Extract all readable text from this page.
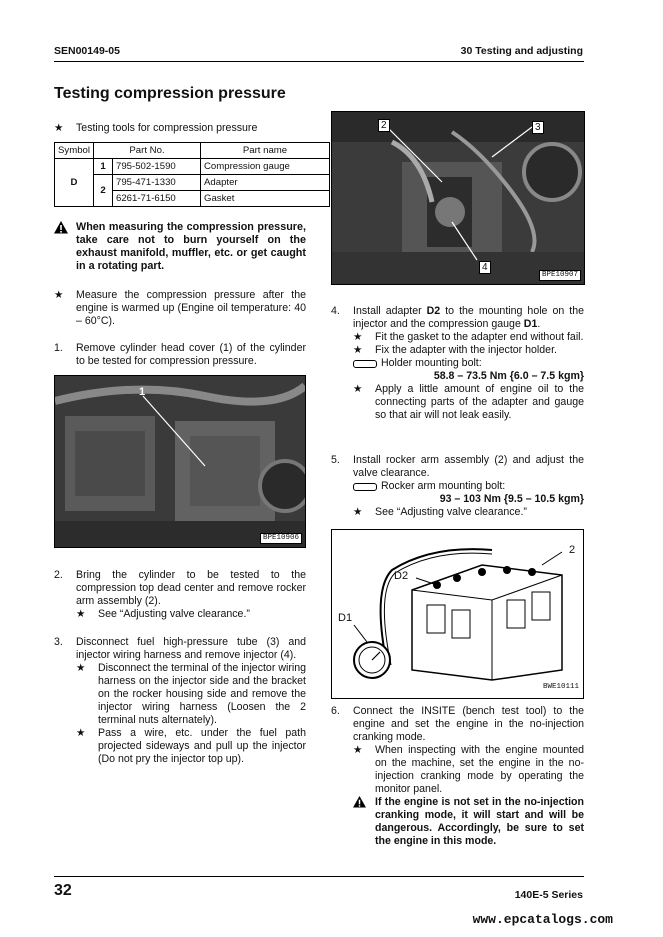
SEN00149-05	30 Testing and adjusting
Testing compression pressure
★	Testing tools for compression pressure
Symbol	Part No.		Part name
D	1	795-502-1590	Compression gauge
	2	795-471-1330	Adapter
		6261-71-6150	Gasket
When measuring the compression pressure, take care not to burn yourself on the exhaust manifold, muffler, etc. or get caught in a rotating part.
★	Measure the compression pressure after the engine is warmed up (Engine oil temperature: 40 – 60°C).
1.	Remove cylinder head cover (1) of the cylinder to be tested for compression pressure.
1
BPE10906
2.	Bring the cylinder to be tested to the compression top dead center and remove rocker arm assembly (2).
★	See “Adjusting valve clearance.”
3.	Disconnect fuel high-pressure tube (3) and injector wiring harness and remove injector (4).
★	Disconnect the terminal of the injector wiring harness on the injector side and the bracket on the rocker housing side and remove the injector wiring harness (Loosen the 2 terminal nuts alternately).
★	Pass a wire, etc. under the fuel path projected sideways and pull up the injector (Do not pry the injector top up).
2	3
4
BPE10907
4.	Install adapter D2 to the mounting hole on the injector and the compression gauge D1.
★	Fit the gasket to the adapter end without fail.
★	Fix the adapter with the injector holder.
Holder mounting bolt:
58.8 – 73.5 Nm {6.0 – 7.5 kgm}
★	Apply a little amount of engine oil to the connecting parts of the adapter and gauge so that air will not leak easily.
5.	Install rocker arm assembly (2) and adjust the valve clearance.
Rocker arm mounting bolt:
93 – 103 Nm {9.5 – 10.5 kgm}
★	See “Adjusting valve clearance.”
D2
D1
2
BWE10111
6.	Connect the INSITE (bench test tool) to the engine and set the engine in the no-injection cranking mode.
★	When inspecting with the engine mounted on the machine, set the engine in the no-injection cranking mode by operating the monitor panel.
If the engine is not set in the no-injection cranking mode, it will start and will be dangerous. Accordingly, be sure to set the engine in this mode.
32	140E-5 Series
www.epcatalogs.com
